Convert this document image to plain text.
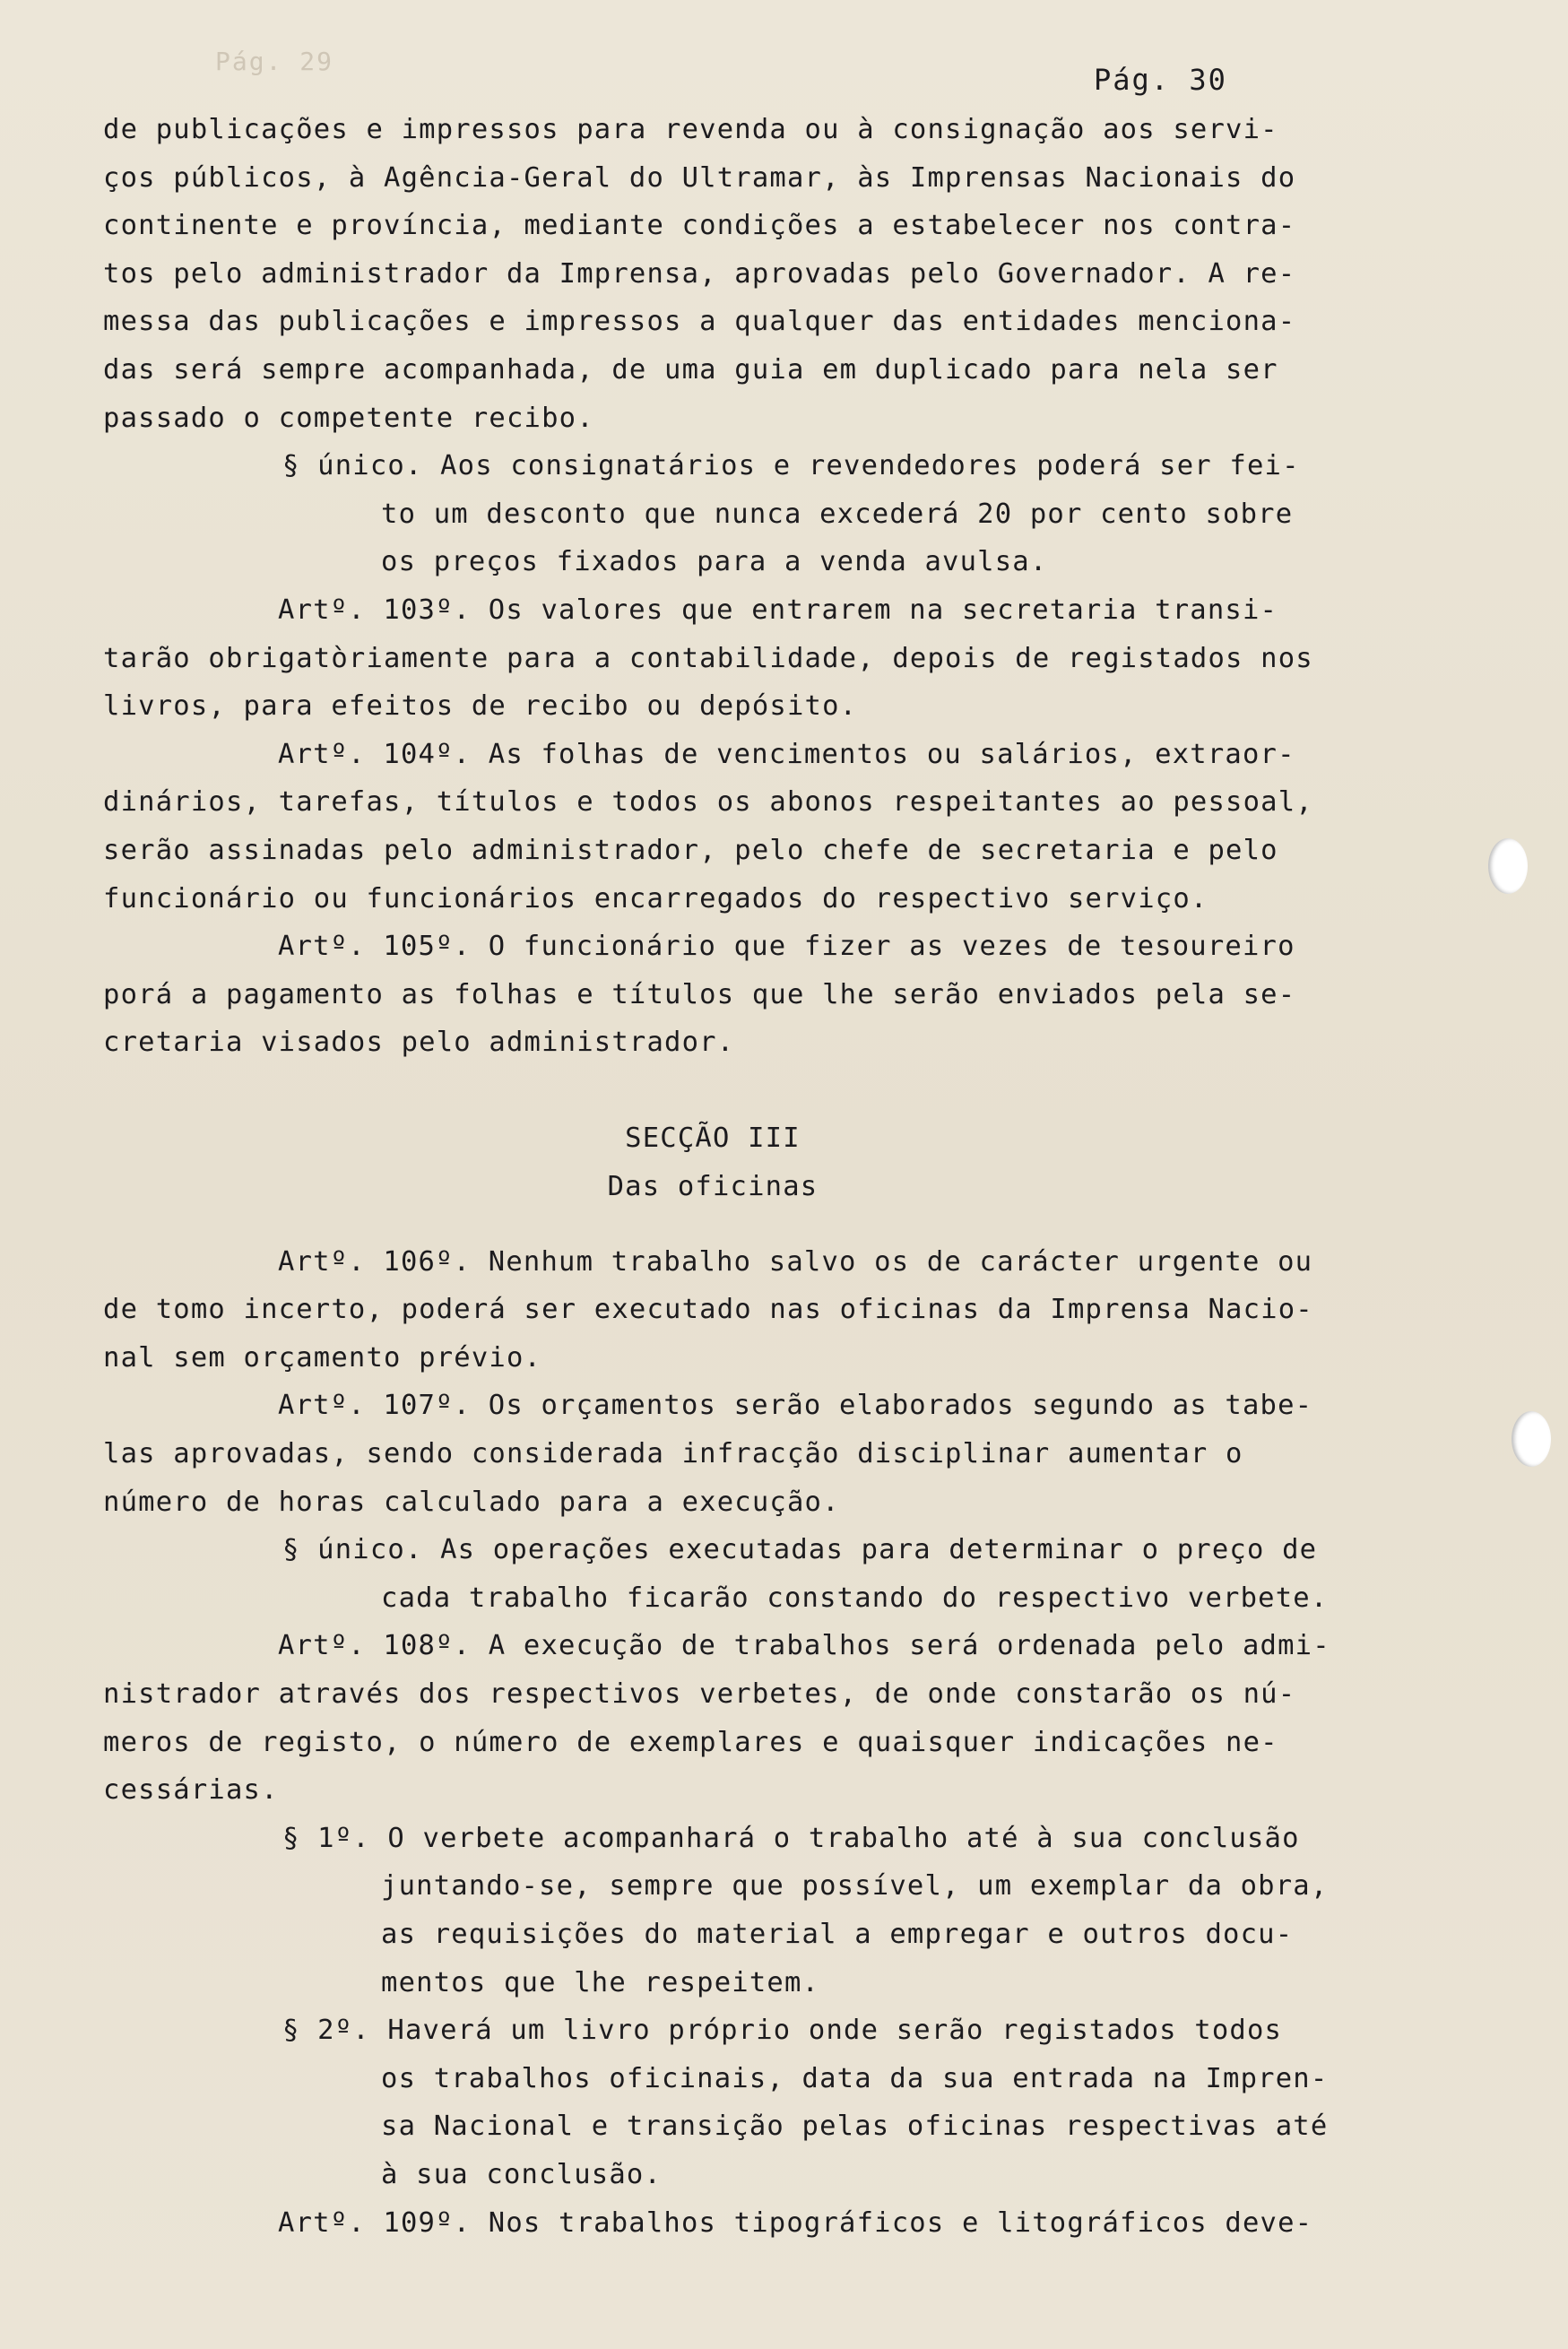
Pág. 29
Pág. 30
de publicações e impressos para revenda ou à consignação aos servi-
ços públicos, à Agência-Geral do Ultramar, às Imprensas Nacionais do
continente e província, mediante condições a estabelecer nos contra-
tos pelo administrador da Imprensa, aprovadas pelo Governador. A re-
messa das publicações e impressos a qualquer das entidades menciona-
das será sempre acompanhada, de uma guia em duplicado para nela ser
passado o competente recibo.
§ único. Aos consignatários e revendedores poderá ser fei-
to um desconto que nunca excederá 20 por cento sobre
os preços fixados para a venda avulsa.
Artº. 103º. Os valores que entrarem na secretaria transi-
tarão obrigatòriamente para a contabilidade, depois de registados nos
livros, para efeitos de recibo ou depósito.
Artº. 104º. As folhas de vencimentos ou salários, extraor-
dinários, tarefas, títulos e todos os abonos respeitantes ao pessoal,
serão assinadas pelo administrador, pelo chefe de secretaria e pelo
funcionário ou funcionários encarregados do respectivo serviço.
Artº. 105º. O funcionário que fizer as vezes de tesoureiro
porá a pagamento as folhas e títulos que lhe serão enviados pela se-
cretaria visados pelo administrador.
SECÇÃO III
Das oficinas
Artº. 106º. Nenhum trabalho salvo os de carácter urgente ou
de tomo incerto, poderá ser executado nas oficinas da Imprensa Nacio-
nal sem orçamento prévio.
Artº. 107º. Os orçamentos serão elaborados segundo as tabe-
las aprovadas, sendo considerada infracção disciplinar aumentar o
número de horas calculado para a execução.
§ único. As operações executadas para determinar o preço de
cada trabalho ficarão constando do respectivo verbete.
Artº. 108º. A execução de trabalhos será ordenada pelo admi-
nistrador através dos respectivos verbetes, de onde constarão os nú-
meros de registo, o número de exemplares e quaisquer indicações ne-
cessárias.
§ 1º. O verbete acompanhará o trabalho até à sua conclusão
juntando-se, sempre que possível, um exemplar da obra,
as requisições do material a empregar e outros docu-
mentos que lhe respeitem.
§ 2º. Haverá um livro próprio onde serão registados todos
os trabalhos oficinais, data da sua entrada na Impren-
sa Nacional e transição pelas oficinas respectivas até
à sua conclusão.
Artº. 109º. Nos trabalhos tipográficos e litográficos deve-
